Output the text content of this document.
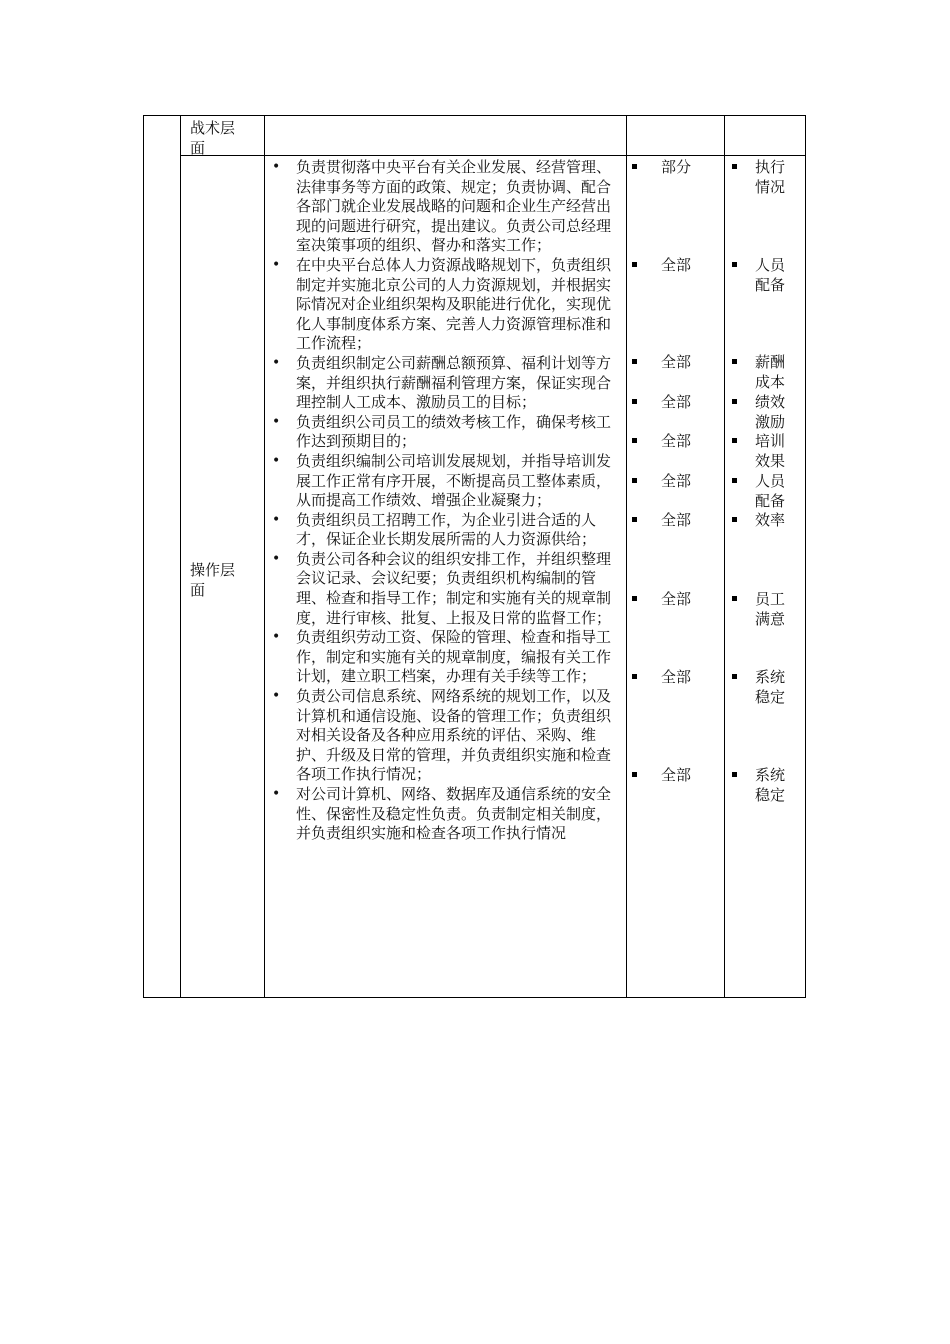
战术层面
操作层面
• 负责贯彻落中央平台有关企业发展、经营管理、法律事务等方面的政策、规定；负责协调、配合各部门就企业发展战略的问题和企业生产经营出现的问题进行研究，提出建议。负责公司总经理室决策事项的组织、督办和落实工作；
• 在中央平台总体人力资源战略规划下，负责组织制定并实施北京公司的人力资源规划，并根据实际情况对企业组织架构及职能进行优化，实现优化人事制度体系方案、完善人力资源管理标准和工作流程；
• 负责组织制定公司薪酬总额预算、福利计划等方案，并组织执行薪酬福利管理方案，保证实现合理控制人工成本、激励员工的目标；
• 负责组织公司员工的绩效考核工作，确保考核工作达到预期目的；
• 负责组织编制公司培训发展规划，并指导培训发展工作正常有序开展，不断提高员工整体素质，从而提高工作绩效、增强企业凝聚力；
• 负责组织员工招聘工作，为企业引进合适的人才，保证企业长期发展所需的人力资源供给；
• 负责公司各种会议的组织安排工作，并组织整理会议记录、会议纪要；负责组织机构编制的管理、检查和指导工作；制定和实施有关的规章制度，进行审核、批复、上报及日常的监督工作；
• 负责组织劳动工资、保险的管理、检查和指导工作，制定和实施有关的规章制度，编报有关工作计划，建立职工档案，办理有关手续等工作；
• 负责公司信息系统、网络系统的规划工作，以及计算机和通信设施、设备的管理工作；负责组织对相关设备及各种应用系统的评估、采购、维护、升级及日常的管理，并负责组织实施和检查各项工作执行情况；
• 对公司计算机、网络、数据库及通信系统的安全性、保密性及稳定性负责。负责制定相关制度，并负责组织实施和检查各项工作执行情况
部分
全部
全部
全部
全部
全部
全部
全部
全部
全部
执行情况
人员配备
薪酬成本
绩效激励
培训效果
人员配备
效率
员工满意
系统稳定
系统稳定
